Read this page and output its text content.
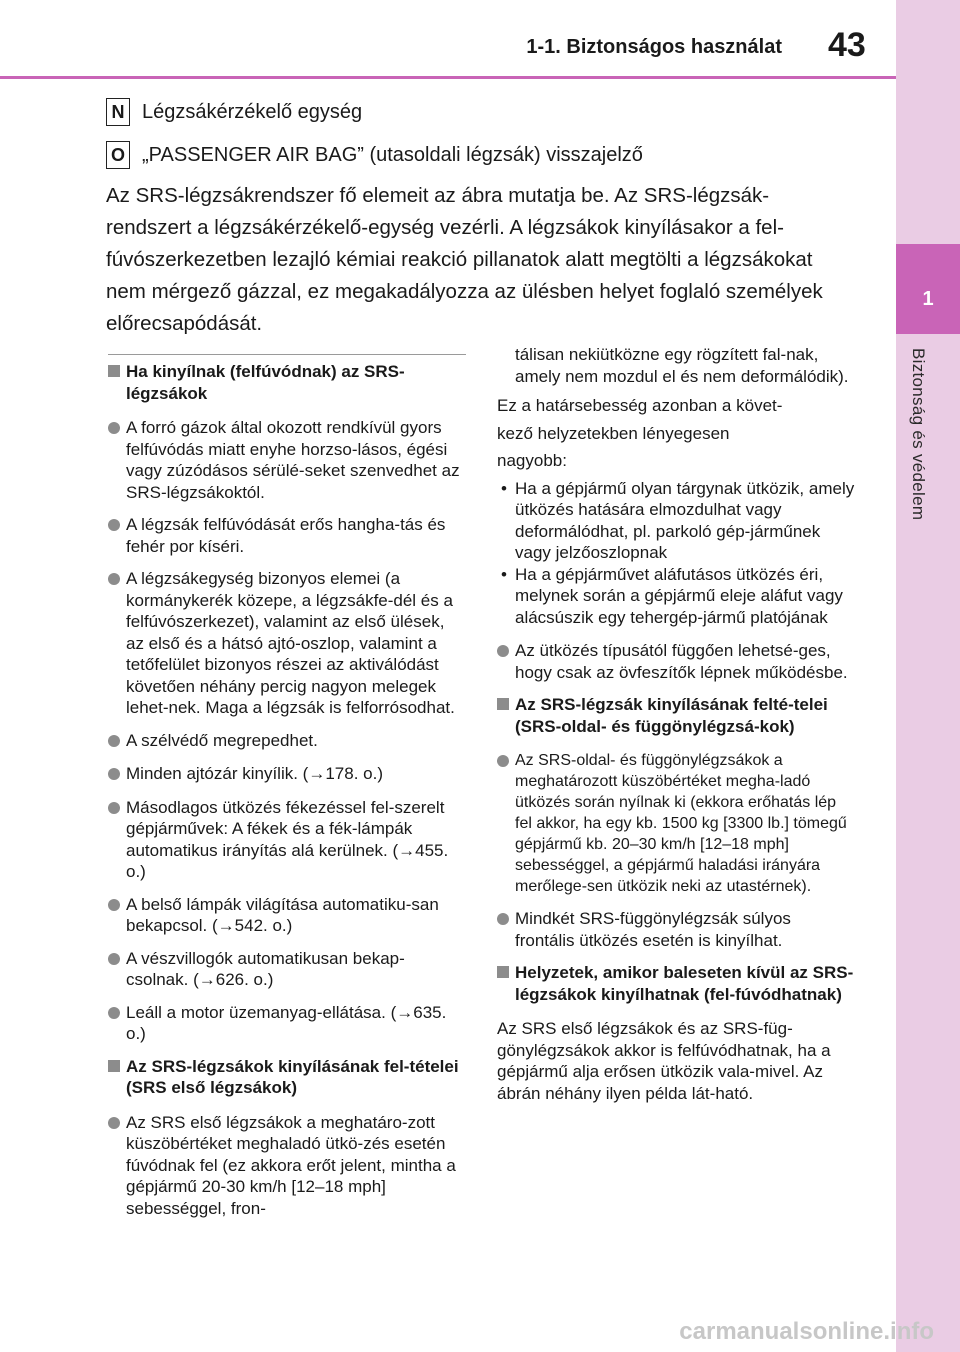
1-1. Biztonságos használat 43
1
Biztonság és védelem
N Légzsákérzékelő egység
O „PASSENGER AIR BAG” (utasoldali légzsák) visszajelző

Az SRS-légzsákrendszer fő elemeit az ábra mutatja be. Az SRS-légzsák-rendszert a légzsákérzékelő-egység vezérli. A légzsákok kinyílásakor a fel-fúvószerkezetben lezajló kémiai reakció pillanatok alatt megtölti a légzsákokat nem mérgező gázzal, ez megakadályozza az ülésben helyet foglaló személyek előrecsapódását.

Ha kinyílnak (felfúvódnak) az SRS-légzsákok
A forró gázok által okozott rendkívül gyors felfúvódás miatt enyhe horzso-lásos, égési vagy zúzódásos sérülé-seket szenvedhet az SRS-légzsákoktól.
A légzsák felfúvódását erős hangha-tás és fehér por kíséri.
A légzsákegység bizonyos elemei (a kormánykerék közepe, a légzsákfe-dél és a felfúvószerkezet), valamint az első ülések, az első és a hátsó ajtó-oszlop, valamint a tetőfelület bizonyos részei az aktiválódást követően néhány percig nagyon melegek lehet-nek. Maga a légzsák is felforrósodhat.
A szélvédő megrepedhet.
Minden ajtózár kinyílik. (→178. o.)
Másodlagos ütközés fékezéssel fel-szerelt gépjárművek: A fékek és a fék-lámpák automatikus irányítás alá kerülnek. (→455. o.)
A belső lámpák világítása automatiku-san bekapcsol. (→542. o.)
A vészvillogók automatikusan bekap-csolnak. (→626. o.)
Leáll a motor üzemanyag-ellátása. (→635. o.)
Az SRS-légzsákok kinyílásának fel-tételei (SRS első légzsákok)
Az SRS első légzsákok a meghatáro-zott küszöbértéket meghaladó ütkö-zés esetén fúvódnak fel (ez akkora erőt jelent, mintha a gépjármű 20-30 km/h [12–18 mph] sebességgel, fron-

tálisan nekiütközne egy rögzített fal-nak, amely nem mozdul el és nem deformálódik).

Ez a határsebesség azonban a követ-

kező helyzetekben lényegesen

nagyobb:

• Ha a gépjármű olyan tárgynak ütközik, amely ütközés hatására elmozdulhat vagy deformálódhat, pl. parkoló gép-járműnek vagy jelzőoszlopnak
• Ha a gépjárművet aláfutásos ütközés éri, melynek során a gépjármű eleje aláfut vagy alácsúszik egy tehergép-jármű platójának
Az ütközés típusától függően lehetsé-ges, hogy csak az övfeszítők lépnek működésbe.
Az SRS-légzsák kinyílásának felté-telei (SRS-oldal- és függönylégzsá-kok)
Az SRS-oldal- és függönylégzsákok a meghatározott küszöbértéket megha-ladó ütközés során nyílnak ki (ekkora erőhatás lép fel akkor, ha egy kb. 1500 kg [3300 lb.] tömegű gépjármű kb. 20–30 km/h [12–18 mph] sebességgel, a gépjármű haladási irányára merőlege-sen ütközik neki az utastérnek).
Mindkét SRS-függönylégzsák súlyos frontális ütközés esetén is kinyílhat.
Helyzetek, amikor baleseten kívül az SRS-légzsákok kinyílhatnak (fel-fúvódhatnak)

Az SRS első légzsákok és az SRS-füg-gönylégzsákok akkor is felfúvódhatnak, ha a gépjármű alja erősen ütközik vala-mivel. Az ábrán néhány ilyen példa lát-ható.

carmanualsonline.info
